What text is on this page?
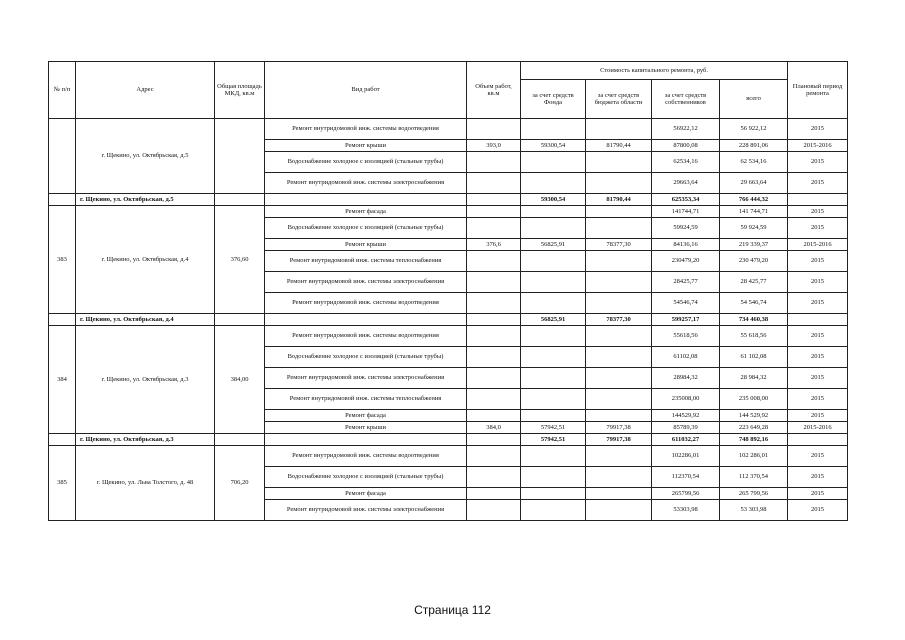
№ п/п	Адрес	Общая площадь МКД, кв.м	Вид работ	Объем работ, кв.м	Стоимость капитального ремонта, руб.				Плановый период ремонта
					за счет средств Фонда	за счет средств бюджета области	за счет средств собственников	всего	
	г. Щекино, ул. Октябрьская, д.5		Ремонт внутридомовой инж. системы водоотведения				56922,12	56 922,12	2015
			Ремонт крыши	393,0	59300,54	81790,44	87800,08	228 891,06	2015-2016
			Водоснабжение холодное с изоляцией (стальные трубы)				62534,16	62 534,16	2015
			Ремонт внутридомовой инж. системы электроснабжения				29663,64	29 663,64	2015
	г. Щекино, ул. Октябрьская, д.5				59300,54	81790,44	625353,34	766 444,32	
383	г. Щекино, ул. Октябрьская, д.4	376,60	Ремонт фасада				141744,71	141 744,71	2015
			Водоснабжение холодное с изоляцией (стальные трубы)				59924,59	59 924,59	2015
			Ремонт крыши	376,6	56825,91	78377,30	84136,16	219 339,37	2015-2016
			Ремонт внутридомовой инж. системы теплоснабжения				230479,20	230 479,20	2015
			Ремонт внутридомовой инж. системы электроснабжения				28425,77	28 425,77	2015
			Ремонт внутридомовой инж. системы водоотведения				54546,74	54 546,74	2015
	г. Щекино, ул. Октябрьская, д.4				56825,91	78377,30	599257,17	734 460,38	
384	г. Щекино, ул. Октябрьская, д.3	384,00	Ремонт внутридомовой инж. системы водоотведения				55618,56	55 618,56	2015
			Водоснабжение холодное с изоляцией (стальные трубы)				61102,08	61 102,08	2015
			Ремонт внутридомовой инж. системы электроснабжения				28984,32	28 984,32	2015
			Ремонт внутридомовой инж. системы теплоснабжения				235008,00	235 008,00	2015
			Ремонт фасада				144529,92	144 529,92	2015
			Ремонт крыши	384,0	57942,51	79917,38	85789,39	223 649,28	2015-2016
	г. Щекино, ул. Октябрьская, д.3				57942,51	79917,38	611032,27	748 892,16	
385	г. Щекино, ул. Льва Толстого, д. 48	706,20	Ремонт внутридомовой инж. системы водоотведения				102286,01	102 286,01	2015
			Водоснабжение холодное с изоляцией (стальные трубы)				112370,54	112 370,54	2015
			Ремонт фасада				265799,56	265 799,56	2015
			Ремонт внутридомовой инж. системы электроснабжения				53303,98	53 303,98	2015
Страница 112
